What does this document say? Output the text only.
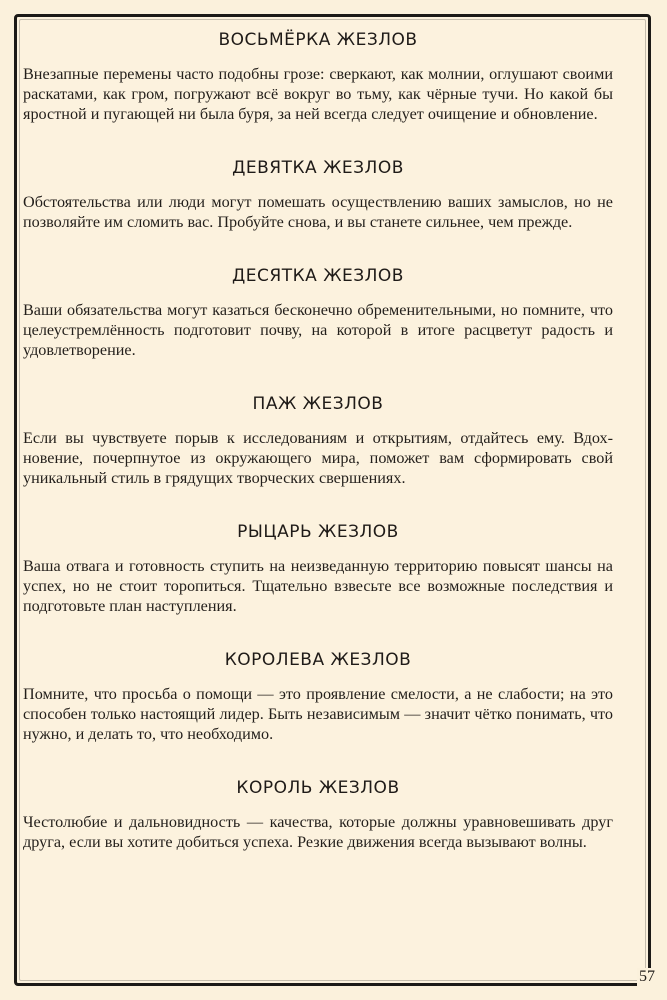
ВОСЬМЁРКА ЖЕЗЛОВ

Внезапные перемены часто подобны грозе: сверкают, как молнии, оглушают своими раскатами, как гром, погружают всё вокруг во тьму, как чёрные тучи. Но какой бы яростной и пугающей ни была буря, за ней всегда следует очищение и обновление.

ДЕВЯТКА ЖЕЗЛОВ

Обстоятельства или люди могут помешать осуществлению ваших замыслов, но не позволяйте им сломить вас. Пробуйте снова, и вы станете сильнее, чем прежде.

ДЕСЯТКА ЖЕЗЛОВ

Ваши обязательства могут казаться бесконечно обременительными, но помните, что целеустремлённость подготовит почву, на которой в итоге расцветут радость и удовлетворение.

ПАЖ ЖЕЗЛОВ

Если вы чувствуете порыв к исследованиям и открытиям, отдайтесь ему. Вдохновение, почерпнутое из окружающего мира, поможет вам сформировать свой уникальный стиль в грядущих творческих свершениях.

РЫЦАРЬ ЖЕЗЛОВ

Ваша отвага и готовность ступить на неизведанную территорию повысят шансы на успех, но не стоит торопиться. Тщательно взвесьте все возможные последствия и подготовьте план наступления.

КОРОЛЕВА ЖЕЗЛОВ

Помните, что просьба о помощи — это проявление смелости, а не слабости; на это способен только настоящий лидер. Быть независимым — значит чётко понимать, что нужно, и делать то, что необходимо.

КОРОЛЬ ЖЕЗЛОВ

Честолюбие и дальновидность — качества, которые должны уравновешивать друг друга, если вы хотите добиться успеха. Резкие движения всегда вызывают волны.

57
